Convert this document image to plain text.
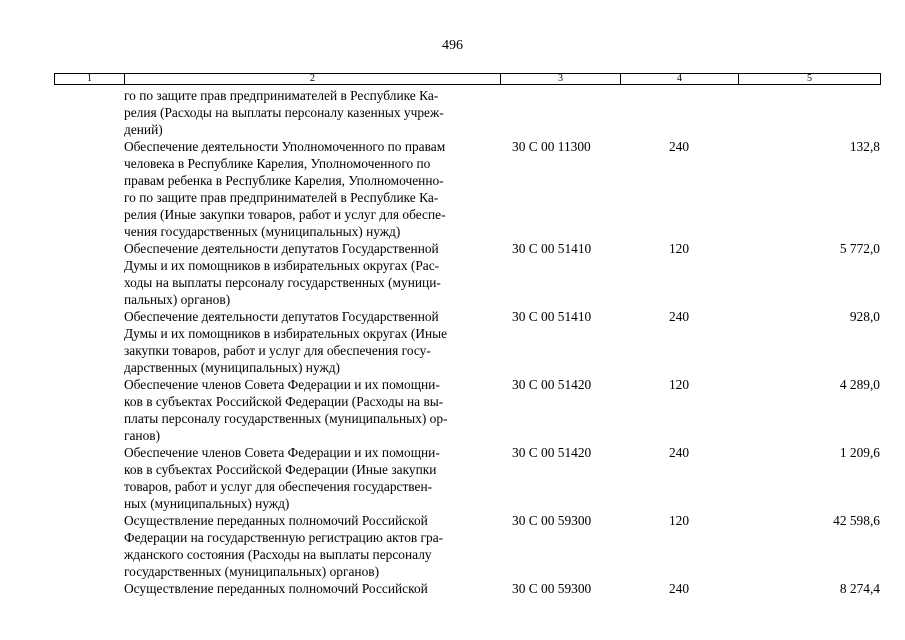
496
1	2	3	4	5
го по защите прав предпринимателей в Республике Ка-
релия (Расходы на выплаты персоналу казенных учреж-
дений)
Обеспечение деятельности Уполномоченного по правам
человека в Республике Карелия, Уполномоченного по
правам ребенка в Республике Карелия, Уполномоченно-
го по защите прав предпринимателей в Республике Ка-
релия (Иные закупки товаров, работ и услуг для обеспе-
чения государственных (муниципальных) нужд)
30 С 00 11300	240	132,8
Обеспечение деятельности депутатов Государственной
Думы и их помощников в избирательных округах (Рас-
ходы на выплаты персоналу государственных (муници-
пальных) органов)
30 С 00 51410	120	5 772,0
Обеспечение деятельности депутатов Государственной
Думы и их помощников в избирательных округах (Иные
закупки товаров, работ и услуг для обеспечения госу-
дарственных (муниципальных) нужд)
30 С 00 51410	240	928,0
Обеспечение членов Совета Федерации и их помощни-
ков в субъектах Российской Федерации (Расходы на вы-
платы персоналу государственных (муниципальных) ор-
ганов)
30 С 00 51420	120	4 289,0
Обеспечение членов Совета Федерации и их помощни-
ков в субъектах Российской Федерации (Иные закупки
товаров, работ и услуг для обеспечения государствен-
ных (муниципальных) нужд)
30 С 00 51420	240	1 209,6
Осуществление переданных полномочий Российской
Федерации на государственную регистрацию актов гра-
жданского состояния (Расходы на выплаты персоналу
государственных (муниципальных) органов)
30 С 00 59300	120	42 598,6
Осуществление переданных полномочий Российской	30 С 00 59300	240	8 274,4
